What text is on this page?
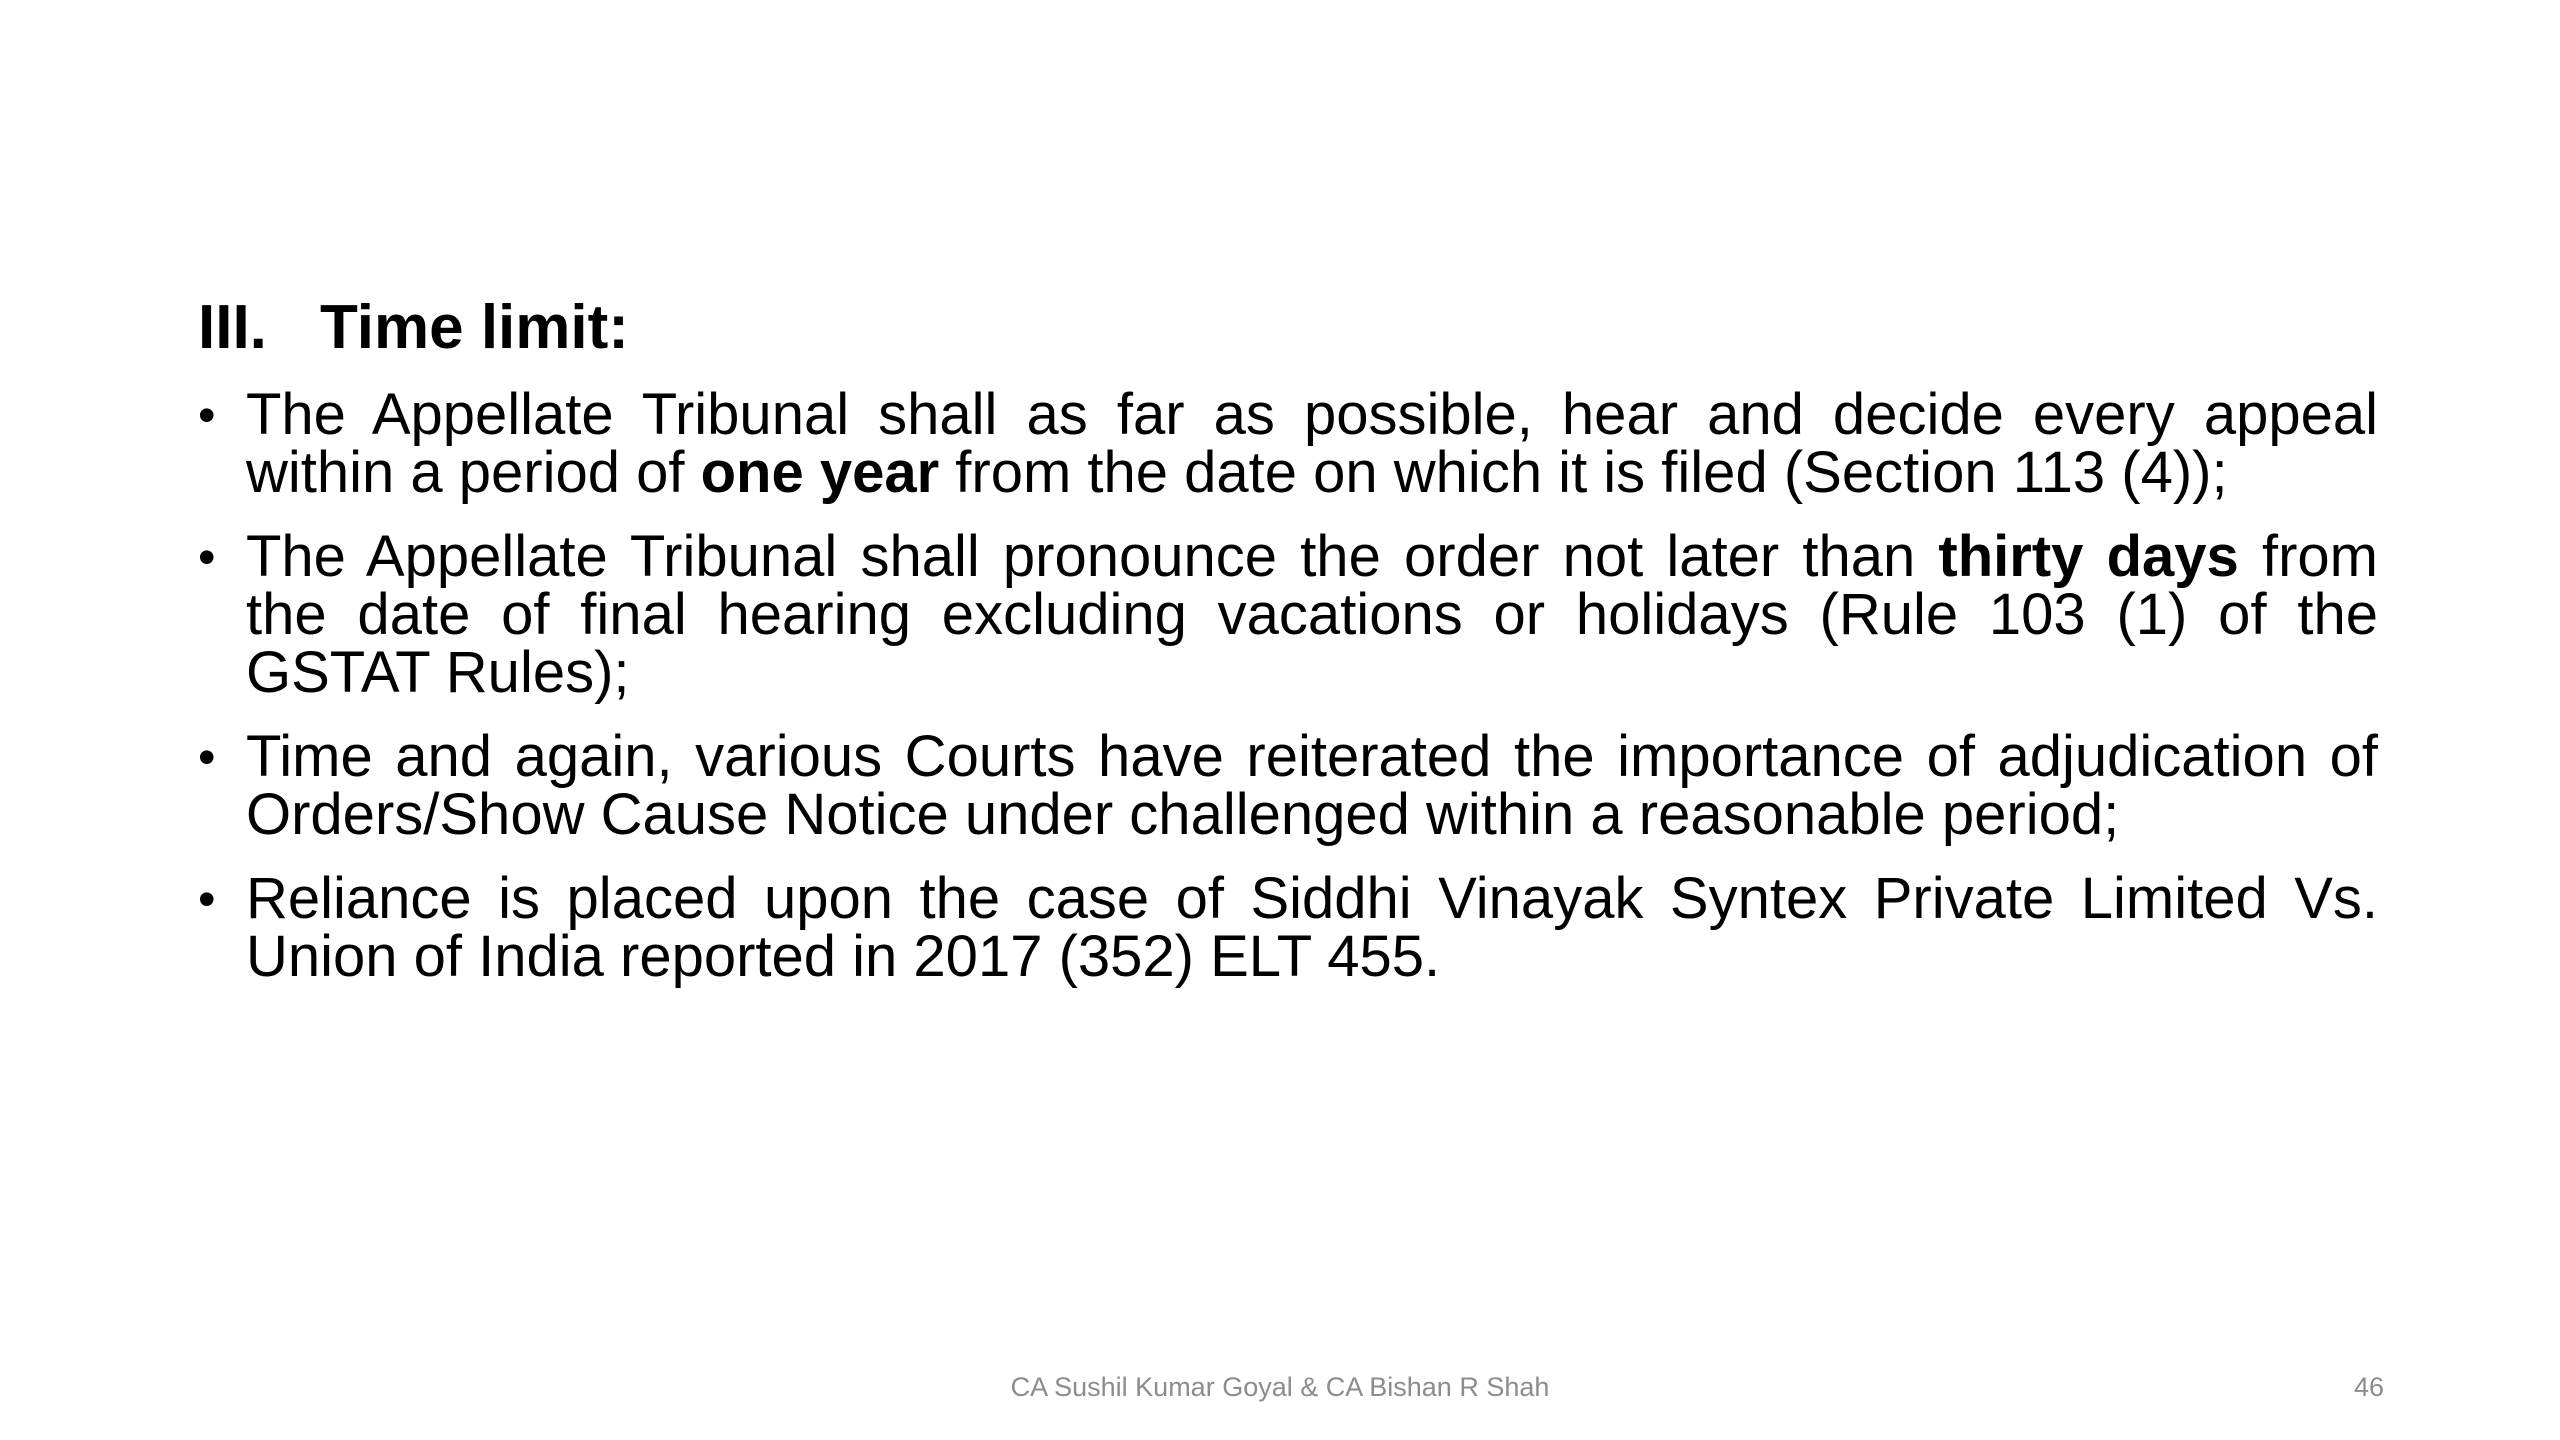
III. Time limit:
• The Appellate Tribunal shall as far as possible, hear and decide every appeal within a period of one year from the date on which it is filed (Section 113 (4));
• The Appellate Tribunal shall pronounce the order not later than thirty days from the date of final hearing excluding vacations or holidays (Rule 103 (1) of the GSTAT Rules);
• Time and again, various Courts have reiterated the importance of adjudication of Orders/Show Cause Notice under challenged within a reasonable period;
• Reliance is placed upon the case of Siddhi Vinayak Syntex Private Limited Vs. Union of India reported in 2017 (352) ELT 455.
CA Sushil Kumar Goyal & CA Bishan R Shah	46
